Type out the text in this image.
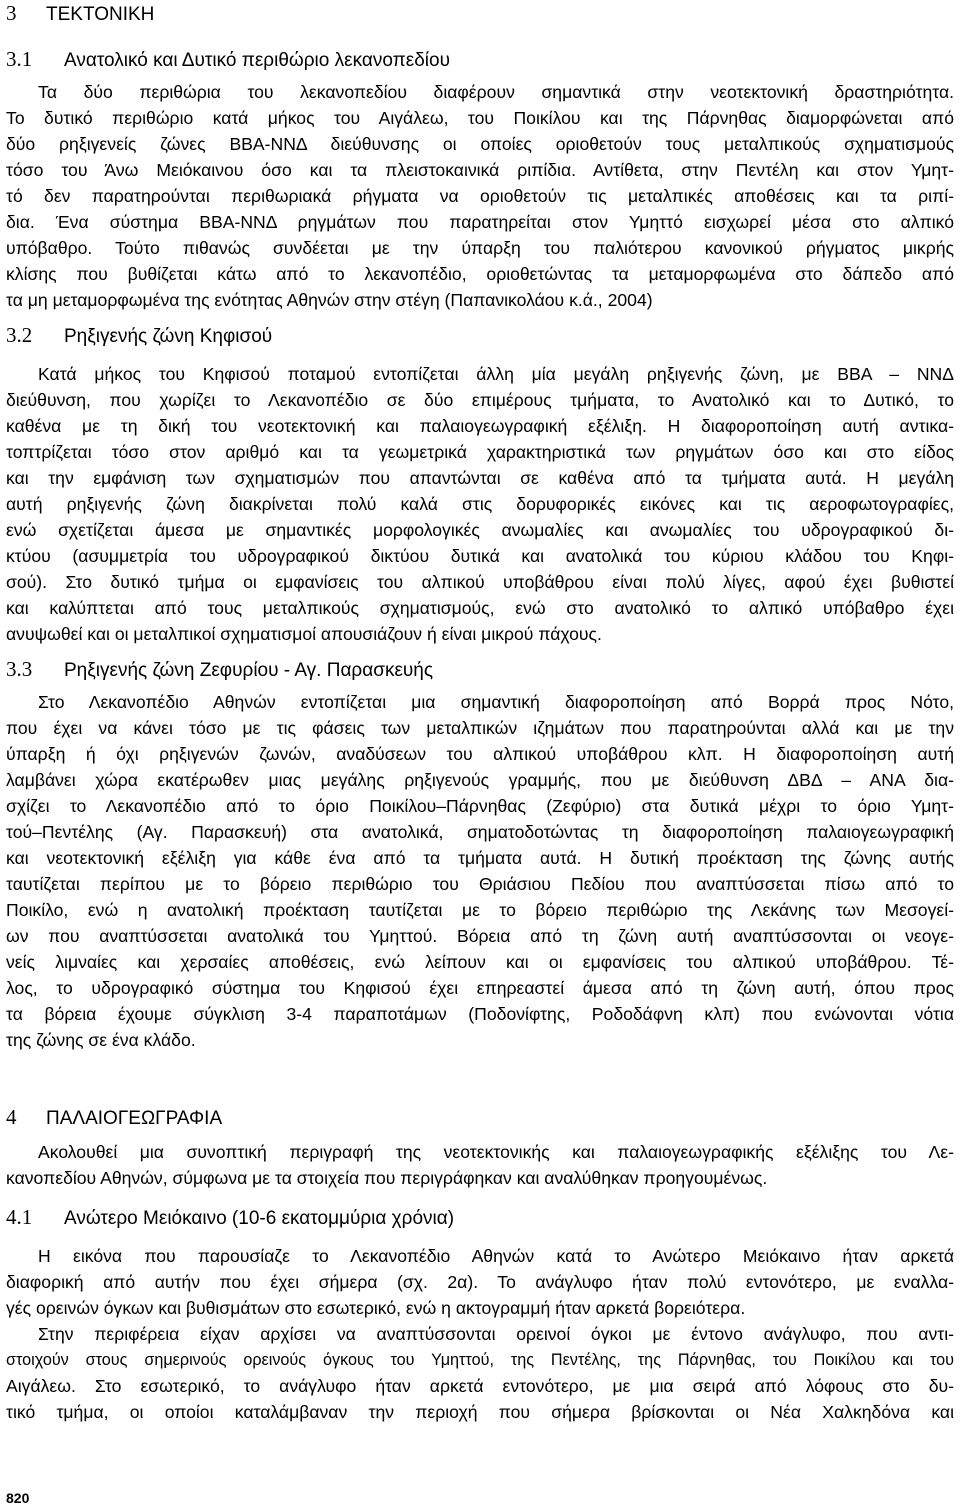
3 ΤΕΚΤΟΝΙΚΗ
3.1 Ανατολικό και Δυτικό περιθώριο λεκανοπεδίου
Τα δύο περιθώρια του λεκανοπεδίου διαφέρουν σημαντικά στην νεοτεκτονική δραστηριότητα.
Το δυτικό περιθώριο κατά μήκος του Αιγάλεω, του Ποικίλου και της Πάρνηθας διαμορφώνεται από
δύο ρηξιγενείς ζώνες ΒΒΑ-ΝΝΔ διεύθυνσης οι οποίες οριοθετούν τους μεταλπικούς σχηματισμούς
τόσο του Άνω Μειόκαινου όσο και τα πλειστοκαινικά ριπίδια. Αντίθετα, στην Πεντέλη και στον Υμητ-
τό δεν παρατηρούνται περιθωριακά ρήγματα να οριοθετούν τις μεταλπικές αποθέσεις και τα ριπί-
δια. Ένα σύστημα ΒΒΑ-ΝΝΔ ρηγμάτων που παρατηρείται στον Υμηττό εισχωρεί μέσα στο αλπικό
υπόβαθρο. Τούτο πιθανώς συνδέεται με την ύπαρξη του παλιότερου κανονικού ρήγματος μικρής
κλίσης που βυθίζεται κάτω από το λεκανοπέδιο, οριοθετώντας τα μεταμορφωμένα στο δάπεδο από
τα μη μεταμορφωμένα της ενότητας Αθηνών στην στέγη (Παπανικολάου κ.ά., 2004)
3.2 Ρηξιγενής ζώνη Κηφισού
Κατά μήκος του Κηφισού ποταμού εντοπίζεται άλλη μία μεγάλη ρηξιγενής ζώνη, με ΒΒΑ – ΝΝΔ
διεύθυνση, που χωρίζει το Λεκανοπέδιο σε δύο επιμέρους τμήματα, το Ανατολικό και το Δυτικό, το
καθένα με τη δική του νεοτεκτονική και παλαιογεωγραφική εξέλιξη. Η διαφοροποίηση αυτή αντικα-
τοπτρίζεται τόσο στον αριθμό και τα γεωμετρικά χαρακτηριστικά των ρηγμάτων όσο και στο είδος
και την εμφάνιση των σχηματισμών που απαντώνται σε καθένα από τα τμήματα αυτά. Η μεγάλη
αυτή ρηξιγενής ζώνη διακρίνεται πολύ καλά στις δορυφορικές εικόνες και τις αεροφωτογραφίες,
ενώ σχετίζεται άμεσα με σημαντικές μορφολογικές ανωμαλίες και ανωμαλίες του υδρογραφικού δι-
κτύου (ασυμμετρία του υδρογραφικού δικτύου δυτικά και ανατολικά του κύριου κλάδου του Κηφι-
σού). Στο δυτικό τμήμα οι εμφανίσεις του αλπικού υποβάθρου είναι πολύ λίγες, αφού έχει βυθιστεί
και καλύπτεται από τους μεταλπικούς σχηματισμούς, ενώ στο ανατολικό το αλπικό υπόβαθρο έχει
ανυψωθεί και οι μεταλπικοί σχηματισμοί απουσιάζουν ή είναι μικρού πάχους.
3.3 Ρηξιγενής ζώνη Ζεφυρίου - Αγ. Παρασκευής
Στο Λεκανοπέδιο Αθηνών εντοπίζεται μια σημαντική διαφοροποίηση από Βορρά προς Νότο,
που έχει να κάνει τόσο με τις φάσεις των μεταλπικών ιζημάτων που παρατηρούνται αλλά και με την
ύπαρξη ή όχι ρηξιγενών ζωνών, αναδύσεων του αλπικού υποβάθρου κλπ. Η διαφοροποίηση αυτή
λαμβάνει χώρα εκατέρωθεν μιας μεγάλης ρηξιγενούς γραμμής, που με διεύθυνση ΔΒΔ – ΑΝΑ δια-
σχίζει το Λεκανοπέδιο από το όριο Ποικίλου–Πάρνηθας (Ζεφύριο) στα δυτικά μέχρι το όριο Υμητ-
τού–Πεντέλης (Αγ. Παρασκευή) στα ανατολικά, σηματοδοτώντας τη διαφοροποίηση παλαιογεωγραφική
και νεοτεκτονική εξέλιξη για κάθε ένα από τα τμήματα αυτά. Η δυτική προέκταση της ζώνης αυτής
ταυτίζεται περίπου με το βόρειο περιθώριο του Θριάσιου Πεδίου που αναπτύσσεται πίσω από το
Ποικίλο, ενώ η ανατολική προέκταση ταυτίζεται με το βόρειο περιθώριο της Λεκάνης των Μεσογεί-
ων που αναπτύσσεται ανατολικά του Υμηττού. Βόρεια από τη ζώνη αυτή αναπτύσσονται οι νεογε-
νείς λιμναίες και χερσαίες αποθέσεις, ενώ λείπουν και οι εμφανίσεις του αλπικού υποβάθρου. Τέ-
λος, το υδρογραφικό σύστημα του Κηφισού έχει επηρεαστεί άμεσα από τη ζώνη αυτή, όπου προς
τα βόρεια έχουμε σύγκλιση 3-4 παραποτάμων (Ποδονίφτης, Ροδοδάφνη κλπ) που ενώνονται νότια
της ζώνης σε ένα κλάδο.
4 ΠΑΛΑΙΟΓΕΩΓΡΑΦΙΑ
Ακολουθεί μια συνοπτική περιγραφή της νεοτεκτονικής και παλαιογεωγραφικής εξέλιξης του Λε-
κανοπεδίου Αθηνών, σύμφωνα με τα στοιχεία που περιγράφηκαν και αναλύθηκαν προηγουμένως.
4.1 Ανώτερο Μειόκαινο (10-6 εκατομμύρια χρόνια)
Η εικόνα που παρουσίαζε το Λεκανοπέδιο Αθηνών κατά το Ανώτερο Μειόκαινο ήταν αρκετά
διαφορική από αυτήν που έχει σήμερα (σχ. 2α). Το ανάγλυφο ήταν πολύ εντονότερο, με εναλλα-
γές ορεινών όγκων και βυθισμάτων στο εσωτερικό, ενώ η ακτογραμμή ήταν αρκετά βορειότερα.
Στην περιφέρεια είχαν αρχίσει να αναπτύσσονται ορεινοί όγκοι με έντονο ανάγλυφο, που αντι-
στοιχούν στους σημερινούς ορεινούς όγκους του Υμηττού, της Πεντέλης, της Πάρνηθας, του Ποικίλου και του
Αιγάλεω. Στο εσωτερικό, το ανάγλυφο ήταν αρκετά εντονότερο, με μια σειρά από λόφους στο δυ-
τικό τμήμα, οι οποίοι καταλάμβαναν την περιοχή που σήμερα βρίσκονται οι Νέα Χαλκηδόνα και
820
